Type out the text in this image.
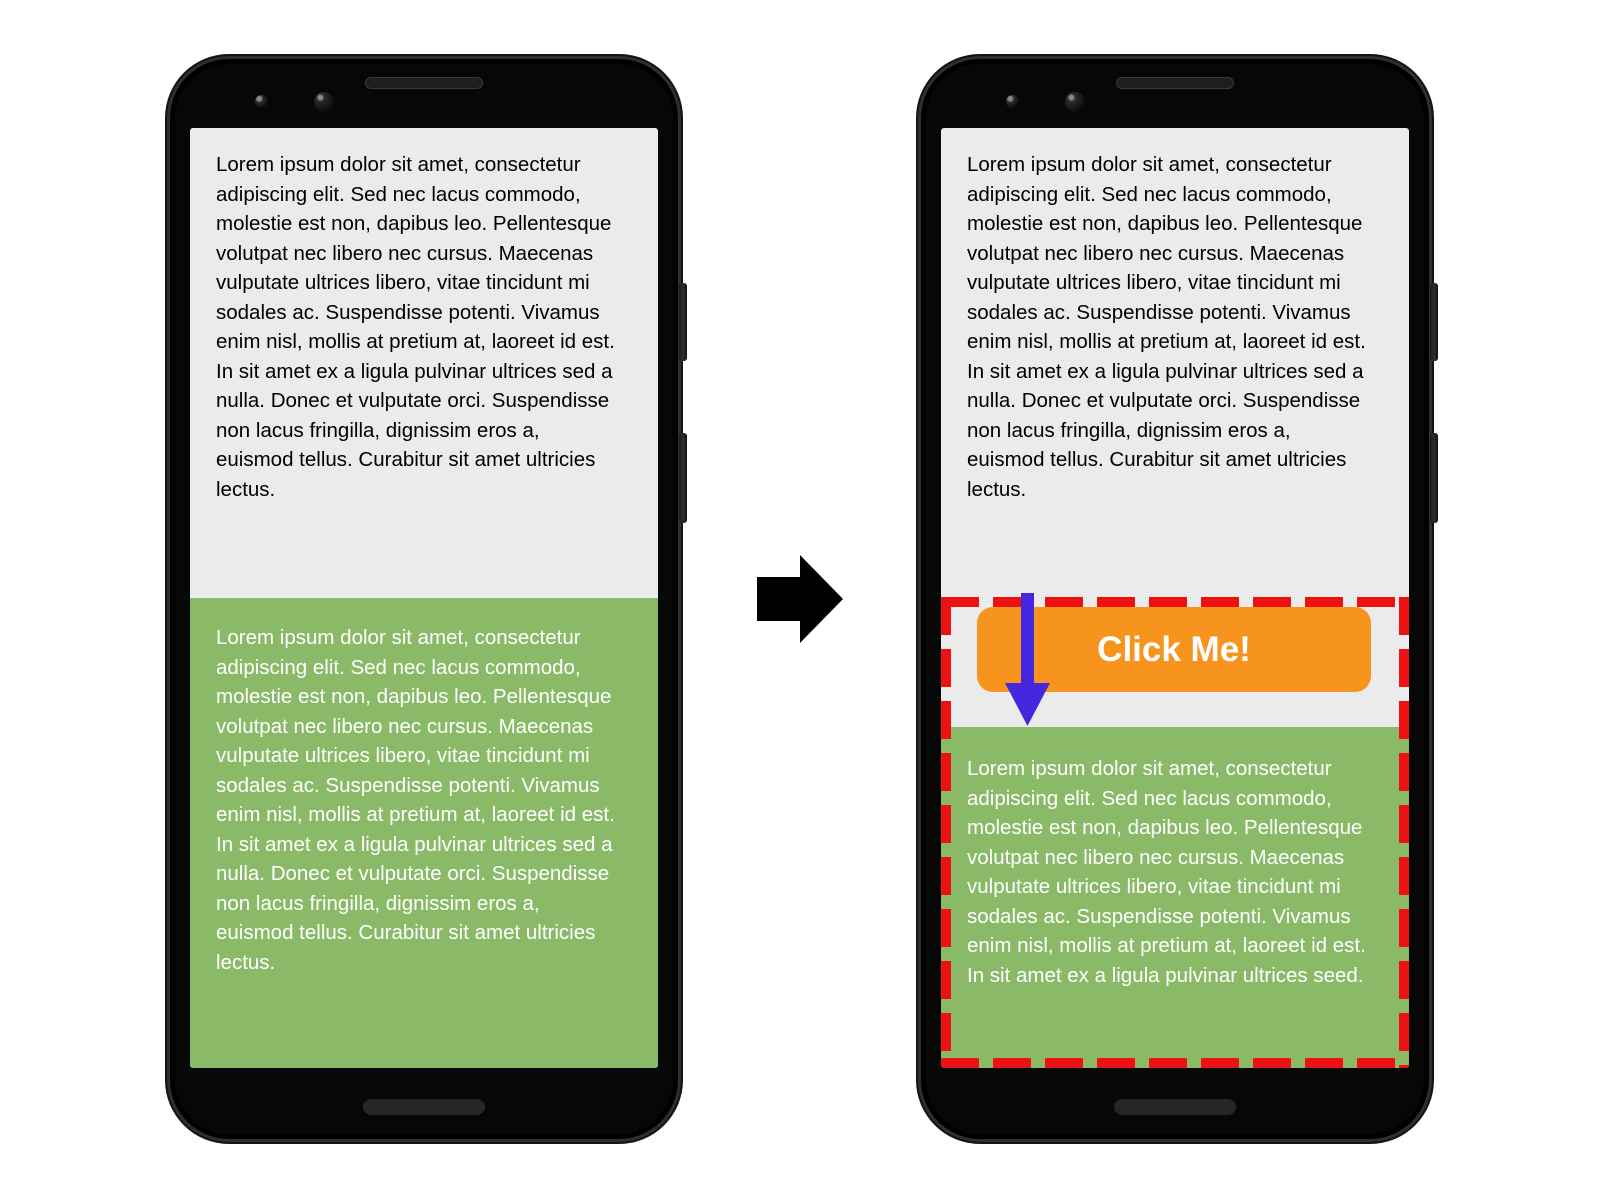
Lorem ipsum dolor sit amet, consectetur adipiscing elit. Sed nec lacus commodo, molestie est non, dapibus leo. Pellentesque volutpat nec libero nec cursus. Maecenas vulputate ultrices libero, vitae tincidunt mi sodales ac. Suspendisse potenti. Vivamus enim nisl, mollis at pretium at, laoreet id est. In sit amet ex a ligula pulvinar ultrices sed a nulla. Donec et vulputate orci. Suspendisse non lacus fringilla, dignissim eros a, euismod tellus. Curabitur sit amet ultricies lectus.

Lorem ipsum dolor sit amet, consectetur adipiscing elit. Sed nec lacus commodo, molestie est non, dapibus leo. Pellentesque volutpat nec libero nec cursus. Maecenas vulputate ultrices libero, vitae tincidunt mi sodales ac. Suspendisse potenti. Vivamus enim nisl, mollis at pretium at, laoreet id est. In sit amet ex a ligula pulvinar ultrices sed a nulla. Donec et vulputate orci. Suspendisse non lacus fringilla, dignissim eros a, euismod tellus. Curabitur sit amet ultricies lectus.

Lorem ipsum dolor sit amet, consectetur adipiscing elit. Sed nec lacus commodo, molestie est non, dapibus leo. Pellentesque volutpat nec libero nec cursus. Maecenas vulputate ultrices libero, vitae tincidunt mi sodales ac. Suspendisse potenti. Vivamus enim nisl, mollis at pretium at, laoreet id est. In sit amet ex a ligula pulvinar ultrices sed a nulla. Donec et vulputate orci. Suspendisse non lacus fringilla, dignissim eros a, euismod tellus. Curabitur sit amet ultricies lectus.

Lorem ipsum dolor sit amet, consectetur adipiscing elit. Sed nec lacus commodo, molestie est non, dapibus leo. Pellentesque volutpat nec libero nec cursus. Maecenas vulputate ultrices libero, vitae tincidunt mi sodales ac. Suspendisse potenti. Vivamus enim nisl, mollis at pretium at, laoreet id est. In sit amet ex a ligula pulvinar ultrices seed.

Click Me!
